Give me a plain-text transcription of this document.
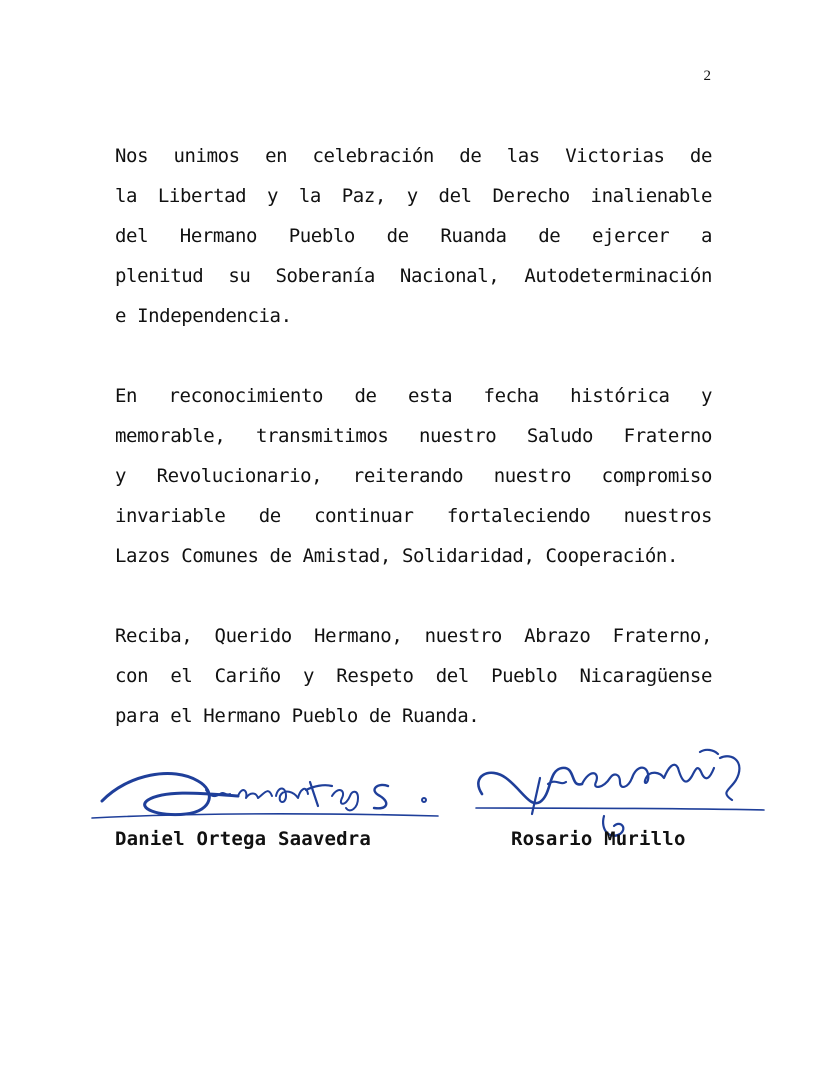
2
Nos unimos en celebración de las Victorias de
la Libertad y la Paz, y del Derecho inalienable
del Hermano Pueblo de Ruanda de ejercer a
plenitud su Soberanía Nacional, Autodeterminación
e Independencia.
En reconocimiento de esta fecha histórica y
memorable, transmitimos nuestro Saludo Fraterno
y Revolucionario, reiterando nuestro compromiso
invariable de continuar fortaleciendo nuestros
Lazos Comunes de Amistad, Solidaridad, Cooperación.
Reciba, Querido Hermano, nuestro Abrazo Fraterno,
con el Cariño y Respeto del Pueblo Nicaragüense
para el Hermano Pueblo de Ruanda.
Daniel Ortega Saavedra	Rosario Murillo
